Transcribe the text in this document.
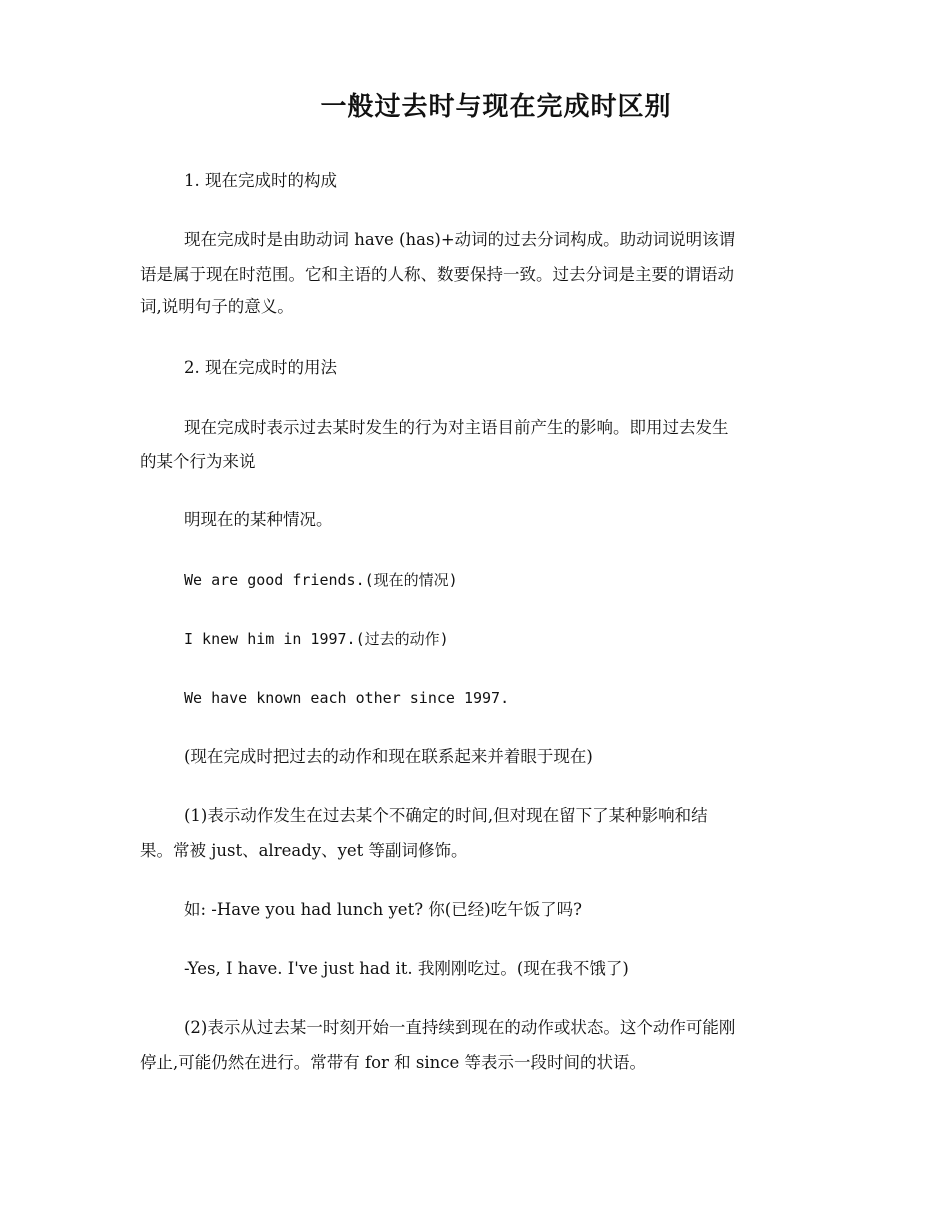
一般过去时与现在完成时区别
1. 现在完成时的构成
现在完成时是由助动词 have (has)+动词的过去分词构成。助动词说明该谓
语是属于现在时范围。它和主语的人称、数要保持一致。过去分词是主要的谓语动
词,说明句子的意义。
2. 现在完成时的用法
现在完成时表示过去某时发生的行为对主语目前产生的影响。即用过去发生
的某个行为来说
明现在的某种情况。
We are good friends.(现在的情况)
I knew him in 1997.(过去的动作)
We have known each other since 1997.
(现在完成时把过去的动作和现在联系起来并着眼于现在)
(1)表示动作发生在过去某个不确定的时间,但对现在留下了某种影响和结
果。常被 just、already、yet 等副词修饰。
如: -Have you had lunch yet? 你(已经)吃午饭了吗?
-Yes, I have. I've just had it. 我刚刚吃过。(现在我不饿了)
(2)表示从过去某一时刻开始一直持续到现在的动作或状态。这个动作可能刚
停止,可能仍然在进行。常带有 for 和 since 等表示一段时间的状语。
